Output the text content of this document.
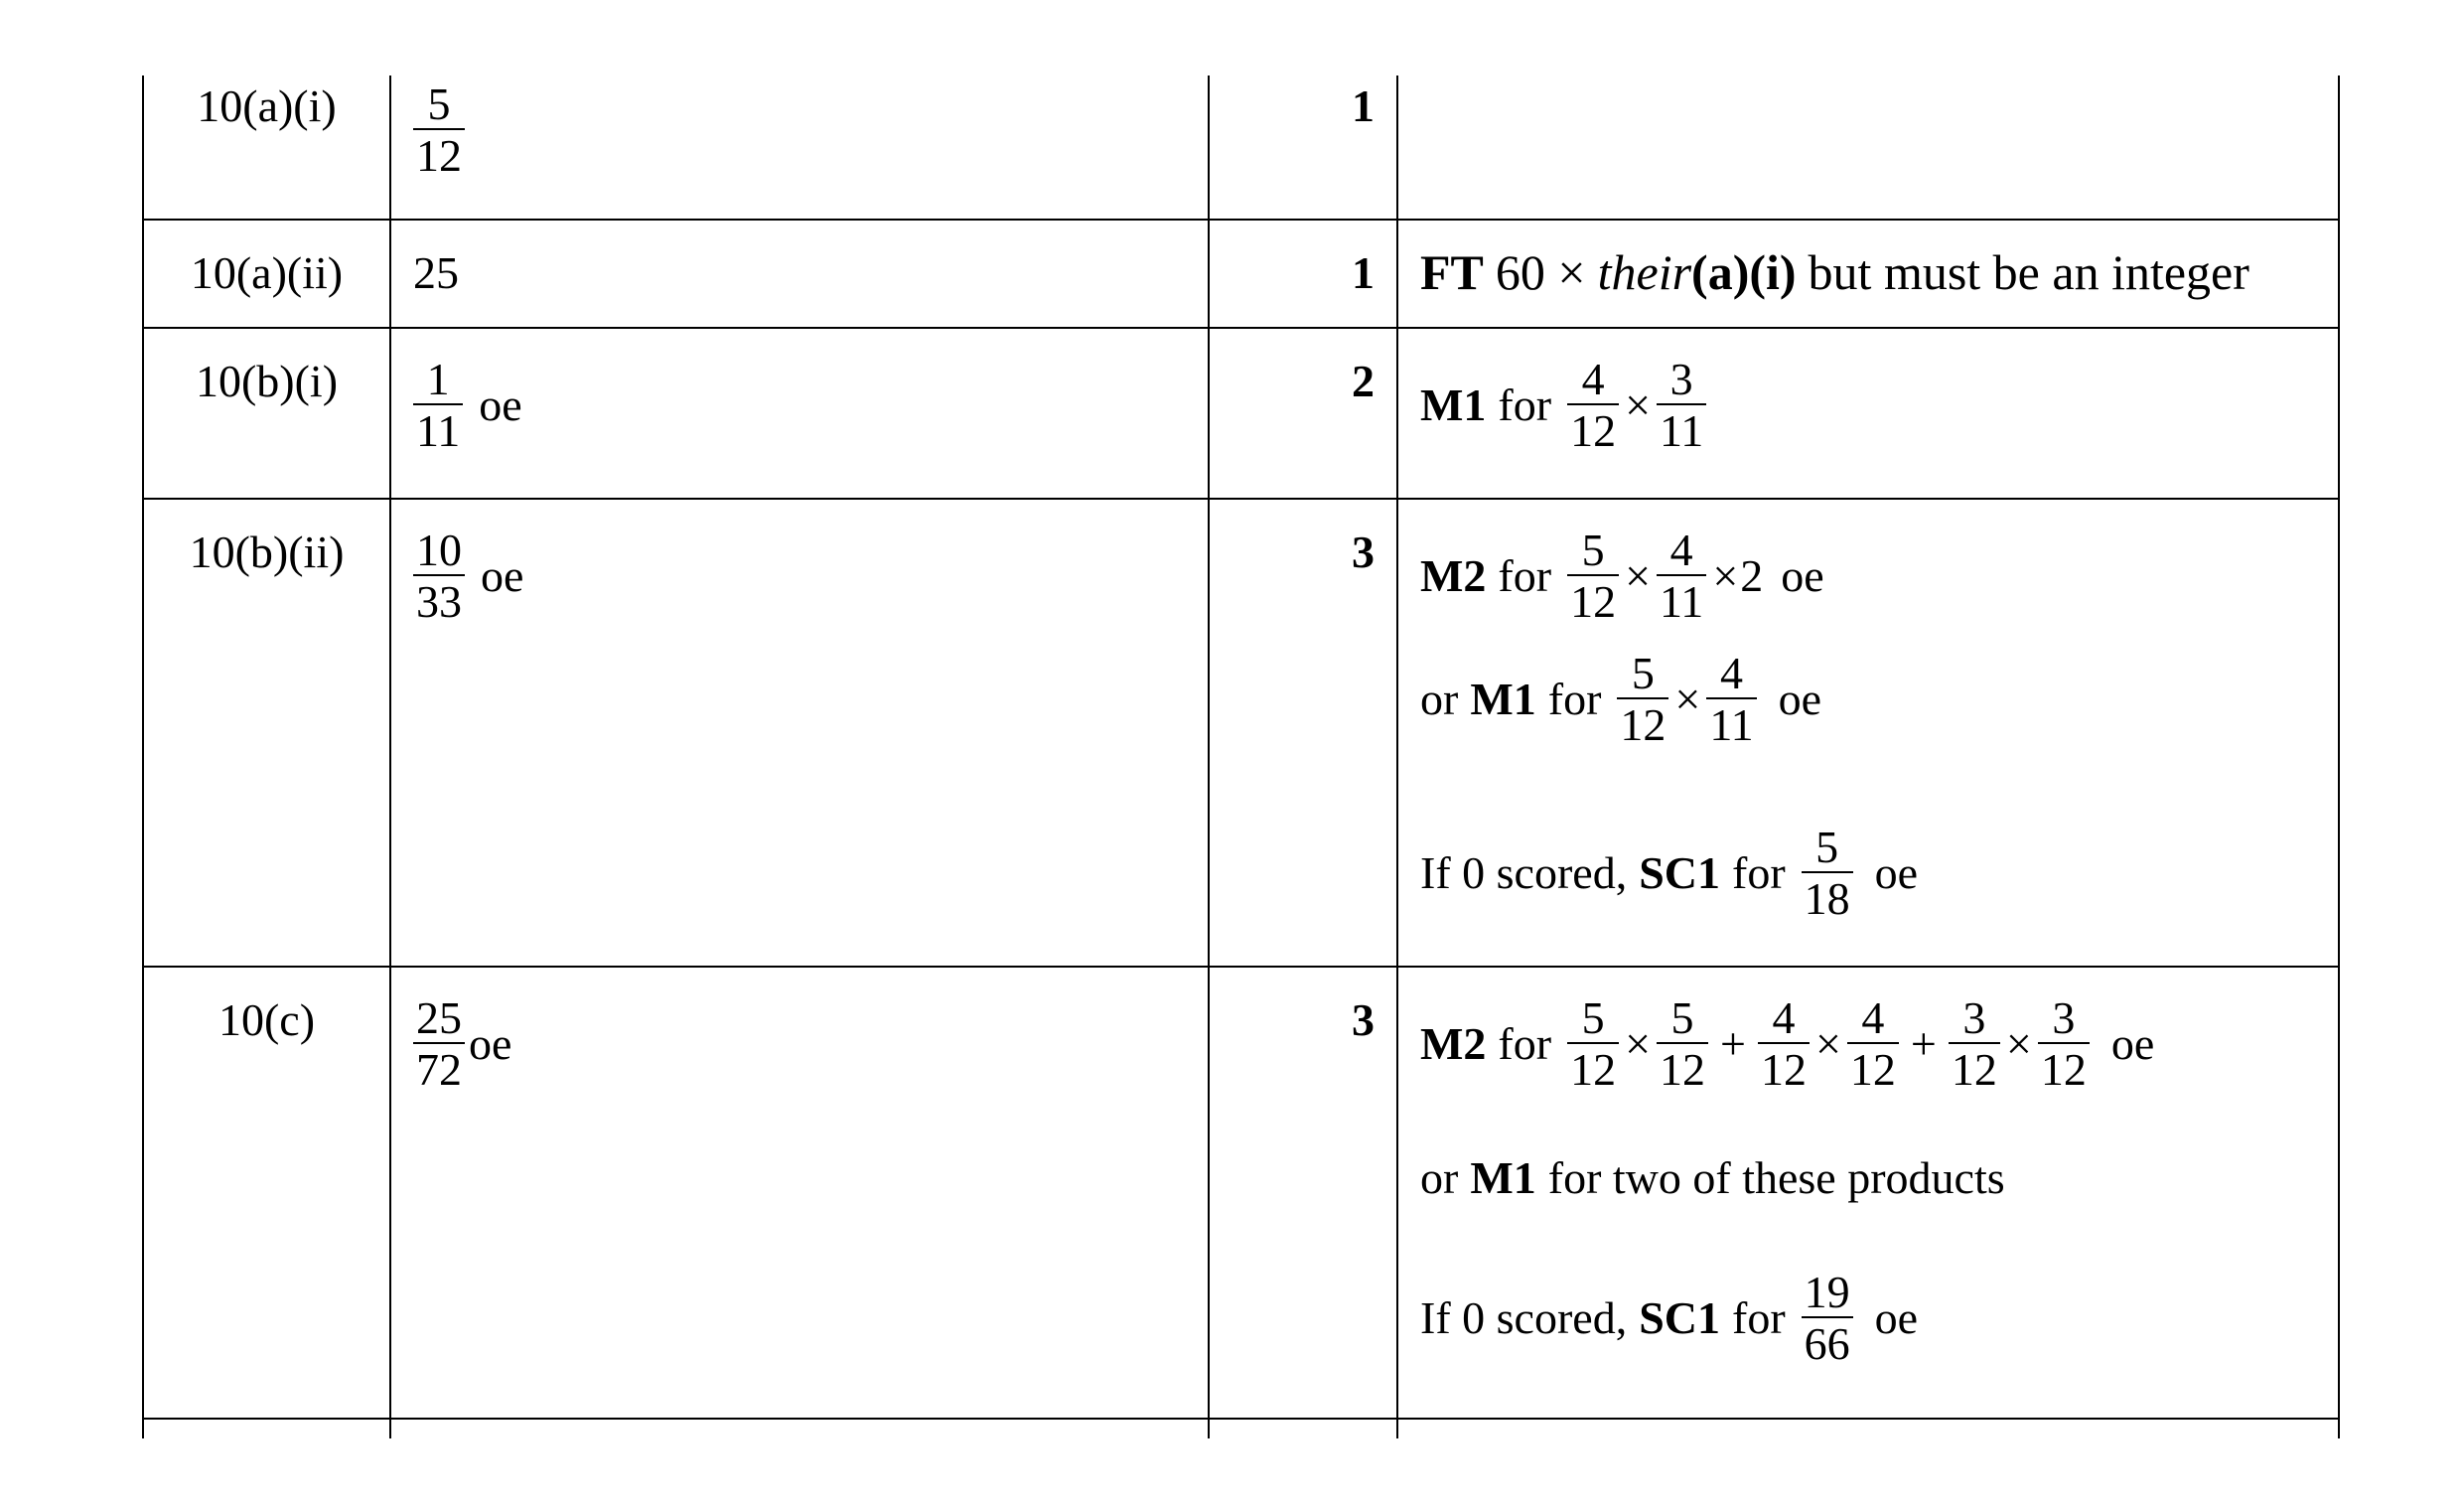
10(a)(i)	$\frac{5}{12}$	1
10(a)(ii)	25	1 FT 60 × their (a)(i) but must be an integer
10(b)(i)	$\frac{1}{11}$ oe	2 M1 for $\frac{4}{12} \times \frac{3}{11}$
10(b)(ii)	$\frac{10}{33}$ oe	3 M2 for $\frac{5}{12} \times \frac{4}{11} \times 2$ oe
or M1 for $\frac{5}{12} \times \frac{4}{11}$ oe
If 0 scored, SC1 for $\frac{5}{18}$ oe
10(c)	$\frac{25}{72}$ oe	3 M2 for $\frac{5}{12} \times \frac{5}{12} + \frac{4}{12} \times \frac{4}{12} + \frac{3}{12} \times \frac{3}{12}$ oe
or M1 for two of these products
If 0 scored, SC1 for $\frac{19}{66}$ oe
